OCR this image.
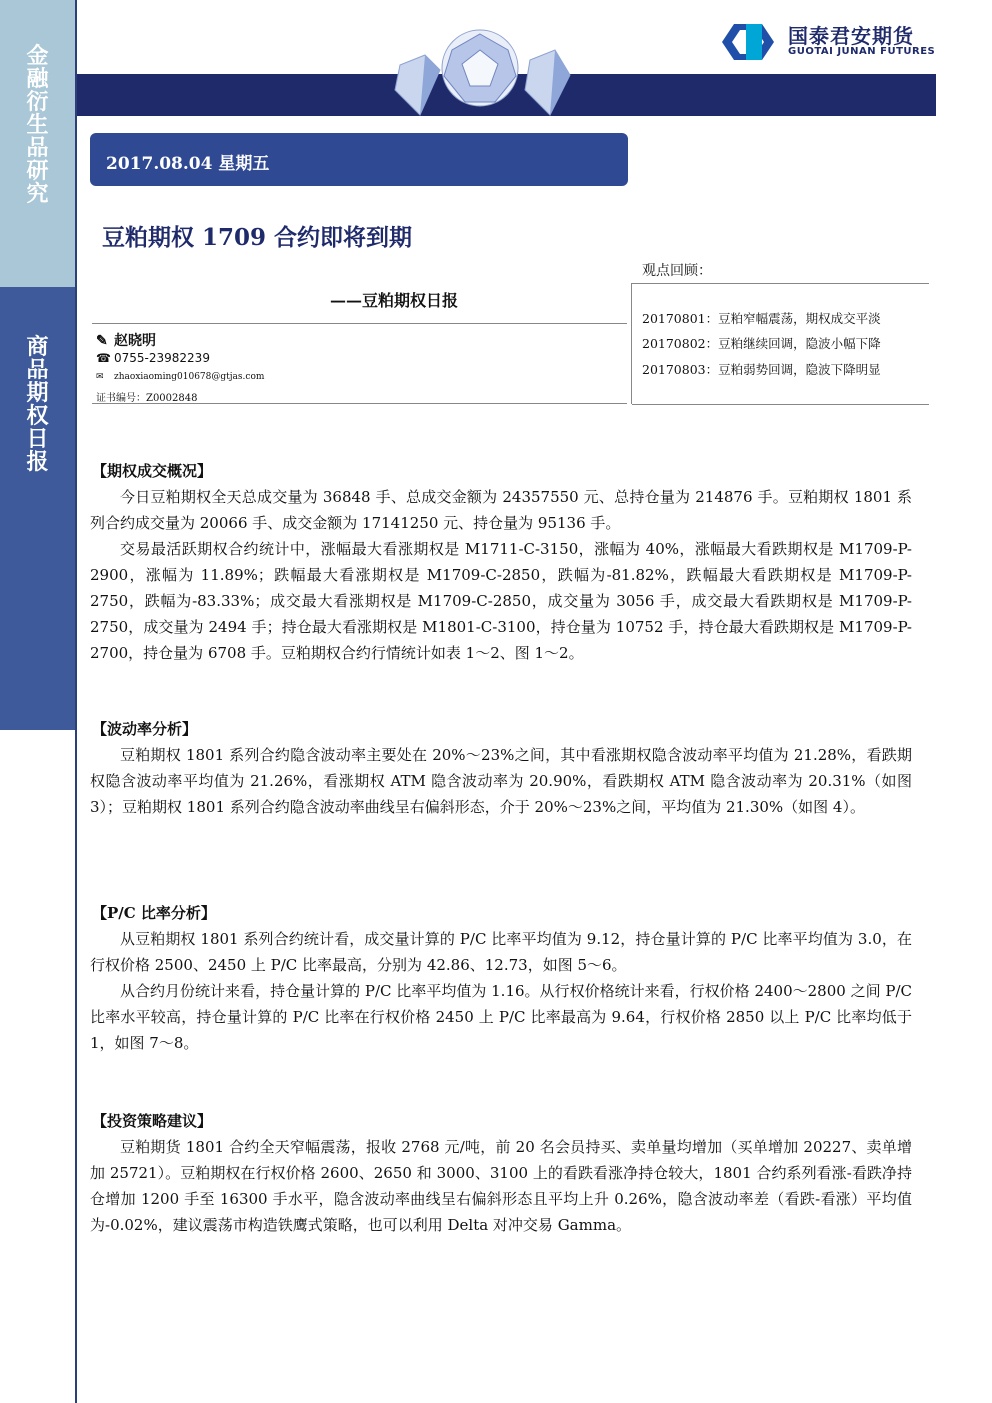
金
融
衍
生
品
研
究
商
品
期
权
日
报
国泰君安期货
GUOTAI JUNAN FUTURES
2017.08.04 星期五
豆粕期权 1709 合约即将到期
——豆粕期权日报
✎ 赵晓明
☎ 0755-23982239
✉ zhaoxiaoming010678@gtjas.com
证书编号：Z0002848
观点回顾：
20170801：豆粕窄幅震荡，期权成交平淡
20170802：豆粕继续回调，隐波小幅下降
20170803：豆粕弱势回调，隐波下降明显
【期权成交概况】

今日豆粕期权全天总成交量为 36848 手、总成交金额为 24357550 元、总持仓量为 214876 手。豆粕期权 1801 系列合约成交量为 20066 手、成交金额为 17141250 元、持仓量为 95136 手。

交易最活跃期权合约统计中，涨幅最大看涨期权是 M1711-C-3150，涨幅为 40%，涨幅最大看跌期权是 M1709-P-2900，涨幅为 11.89%；跌幅最大看涨期权是 M1709-C-2850，跌幅为-81.82%，跌幅最大看跌期权是 M1709-P-2750，跌幅为-83.33%；成交最大看涨期权是 M1709-C-2850，成交量为 3056 手，成交最大看跌期权是 M1709-P-2750，成交量为 2494 手；持仓最大看涨期权是 M1801-C-3100，持仓量为 10752 手，持仓最大看跌期权是 M1709-P-2700，持仓量为 6708 手。豆粕期权合约行情统计如表 1～2、图 1～2。

【波动率分析】

豆粕期权 1801 系列合约隐含波动率主要处在 20%～23%之间，其中看涨期权隐含波动率平均值为 21.28%，看跌期权隐含波动率平均值为 21.26%，看涨期权 ATM 隐含波动率为 20.90%，看跌期权 ATM 隐含波动率为 20.31%（如图 3）；豆粕期权 1801 系列合约隐含波动率曲线呈右偏斜形态，介于 20%～23%之间，平均值为 21.30%（如图 4）。

【P/C 比率分析】

从豆粕期权 1801 系列合约统计看，成交量计算的 P/C 比率平均值为 9.12，持仓量计算的 P/C 比率平均值为 3.0，在行权价格 2500、2450 上 P/C 比率最高，分别为 42.86、12.73，如图 5～6。

从合约月份统计来看，持仓量计算的 P/C 比率平均值为 1.16。从行权价格统计来看，行权价格 2400～2800 之间 P/C 比率水平较高，持仓量计算的 P/C 比率在行权价格 2450 上 P/C 比率最高为 9.64，行权价格 2850 以上 P/C 比率均低于 1，如图 7～8。

【投资策略建议】

豆粕期货 1801 合约全天窄幅震荡，报收 2768 元/吨，前 20 名会员持买、卖单量均增加（买单增加 20227、卖单增加 25721）。豆粕期权在行权价格 2600、2650 和 3000、3100 上的看跌看涨净持仓较大，1801 合约系列看涨-看跌净持仓增加 1200 手至 16300 手水平，隐含波动率曲线呈右偏斜形态且平均上升 0.26%，隐含波动率差（看跌-看涨）平均值为-0.02%，建议震荡市构造铁鹰式策略，也可以利用 Delta 对冲交易 Gamma。
